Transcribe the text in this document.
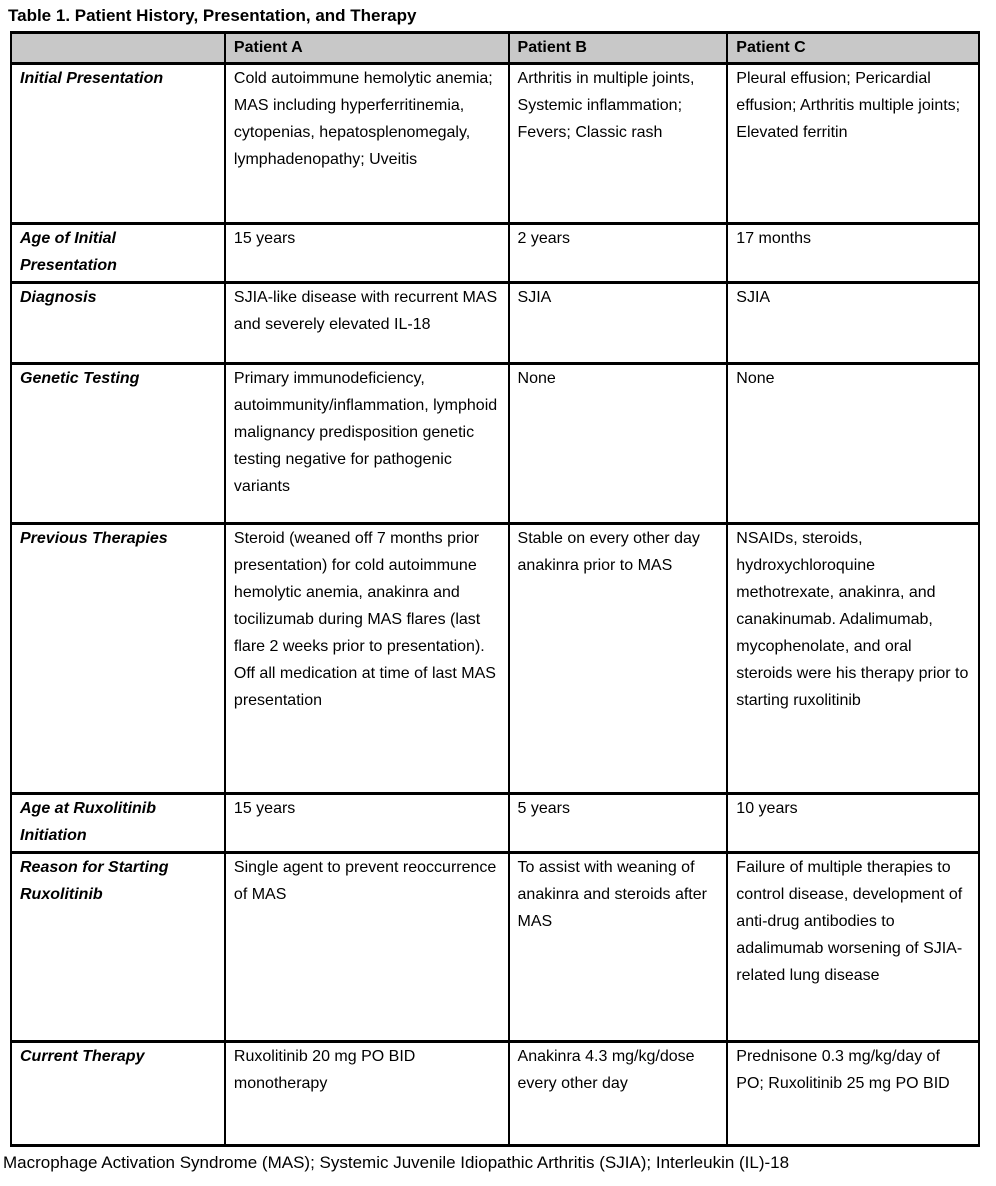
Table 1. Patient History, Presentation, and Therapy
	Patient A	Patient B	Patient C
Initial Presentation	Cold autoimmune hemolytic anemia; MAS including hyperferritinemia, cytopenias, hepatosplenomegaly, lymphadenopathy; Uveitis	Arthritis in multiple joints, Systemic inflammation; Fevers; Classic rash	Pleural effusion; Pericardial effusion; Arthritis multiple joints; Elevated ferritin
Age of Initial Presentation	15 years	2 years	17 months
Diagnosis	SJIA-like disease with recurrent MAS and severely elevated IL-18	SJIA	SJIA
Genetic Testing	Primary immunodeficiency, autoimmunity/inflammation, lymphoid malignancy predisposition genetic testing negative for pathogenic variants	None	None
Previous Therapies	Steroid (weaned off 7 months prior presentation) for cold autoimmune hemolytic anemia, anakinra and tocilizumab during MAS flares (last flare 2 weeks prior to presentation). Off all medication at time of last MAS presentation	Stable on every other day anakinra prior to MAS	NSAIDs, steroids, hydroxychloroquine methotrexate, anakinra, and canakinumab. Adalimumab, mycophenolate, and oral steroids were his therapy prior to starting ruxolitinib
Age at Ruxolitinib Initiation	15 years	5 years	10 years
Reason for Starting Ruxolitinib	Single agent to prevent reoccurrence of MAS	To assist with weaning of anakinra and steroids after MAS	Failure of multiple therapies to control disease, development of anti-drug antibodies to adalimumab worsening of SJIA-related lung disease
Current Therapy	Ruxolitinib 20 mg PO BID monotherapy	Anakinra 4.3 mg/kg/dose every other day	Prednisone 0.3 mg/kg/day of PO; Ruxolitinib 25 mg PO BID
Macrophage Activation Syndrome (MAS); Systemic Juvenile Idiopathic Arthritis (SJIA); Interleukin (IL)-18
